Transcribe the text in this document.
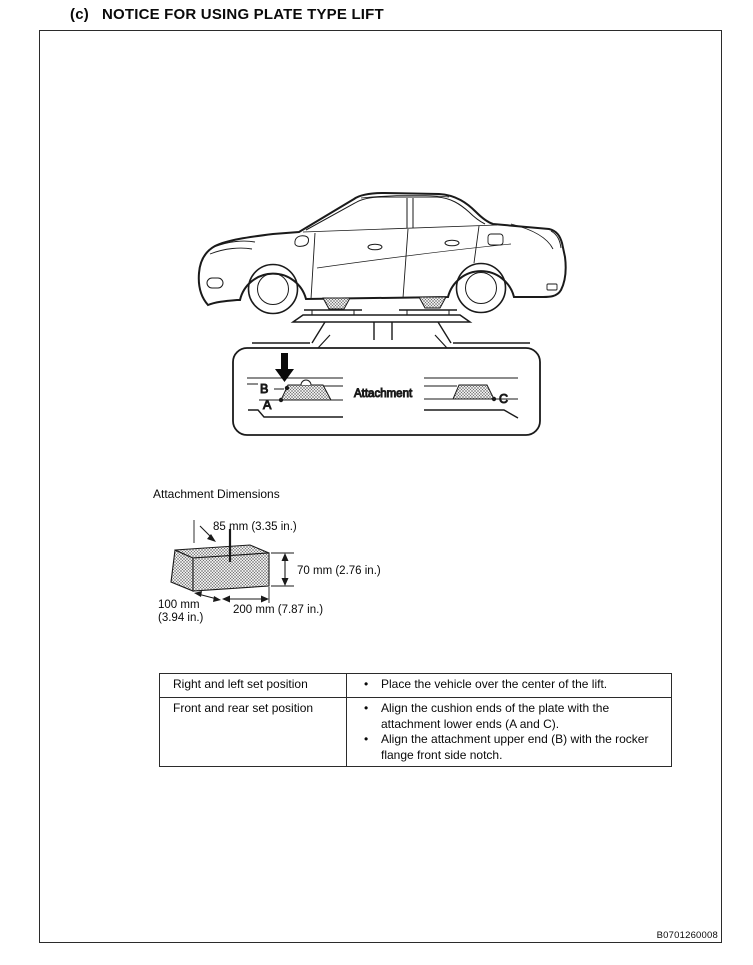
(c) NOTICE FOR USING PLATE TYPE LIFT
B
A	C
Attachment
Attachment Dimensions
85 mm (3.35 in.)
70 mm (2.76 in.)
100 mm
(3.94 in.)
200 mm (7.87 in.)
Right and left set position	• Place the vehicle over the center of the lift.

Front and rear set position	• Align the cushion ends of the plate with the attachment lower ends (A and C).
• Align the attachment upper end (B) with the rocker flange front side notch.
B0701260008
